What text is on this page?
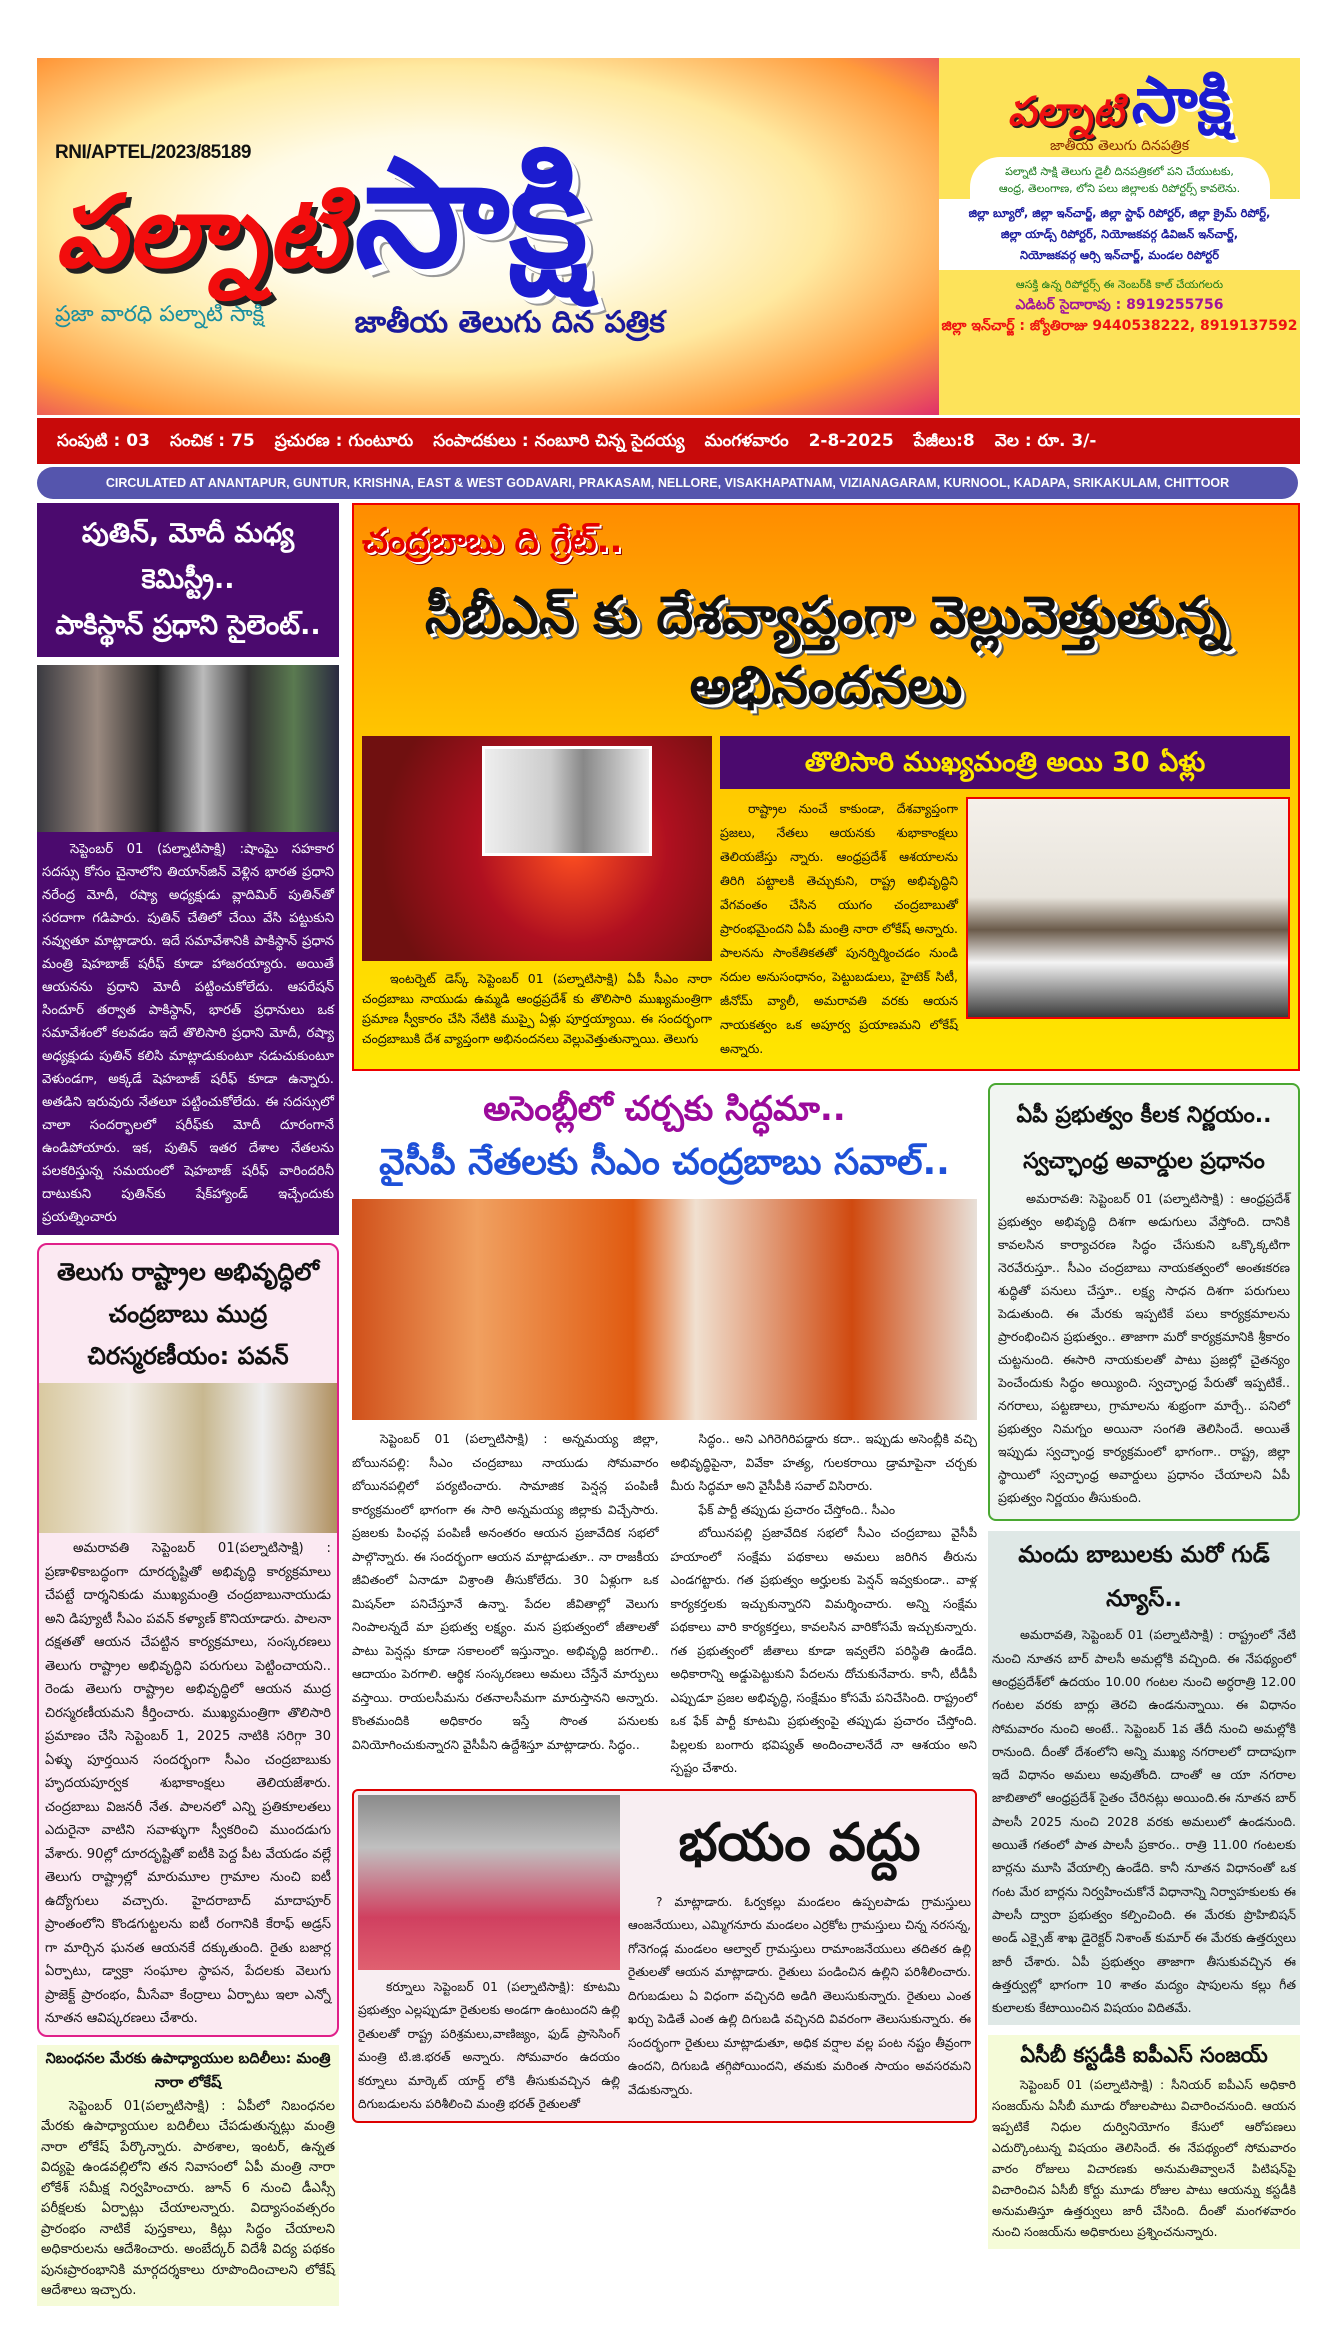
RNI/APTEL/2023/85189
పల్నాటి
ప్రజా వారధి పల్నాటి సాక్షి
సాక్షి
జాతీయ తెలుగు దిన పత్రిక
పల్నాటి సాక్షి
జాతీయ తెలుగు దినపత్రిక
పల్నాటి సాక్షి తెలుగు డైలీ దినపత్రికలో పని చేయుటకు,
ఆంధ్ర, తెలంగాణ, లోని పలు జిల్లాలకు రిపోర్టర్స్ కావలెను.
జిల్లా బ్యూరో, జిల్లా ఇన్‌చార్జ్, జిల్లా స్టాఫ్ రిపోర్టర్, జిల్లా క్రైమ్ రిపోర్ట్,
జిల్లా యాడ్స్ రిపోర్టర్, నియోజకవర్గ డివిజన్ ఇన్‌చార్జ్,
నియోజకవర్గ ఆర్సి ఇన్‌చార్జ్, మండల రిపోర్టర్
ఆసక్తి ఉన్న రిపోర్టర్స్ ఈ నెంబర్‌కి కాల్ చేయగలరు
ఎడిటర్ సైదారావు : 8919255756
జిల్లా ఇన్‌చార్జ్ : జ్యోతిరాజు 9440538222, 8919137592
సంపుటి : 03 సంచిక : 75 ప్రచురణ : గుంటూరు సంపాదకులు : నంబూరి చిన్న సైదయ్య మంగళవారం 2-8-2025 పేజీలు:8 వెల : రూ. 3/-
CIRCULATED AT ANANTAPUR, GUNTUR, KRISHNA, EAST & WEST GODAVARI, PRAKASAM, NELLORE, VISAKHAPATNAM, VIZIANAGARAM, KURNOOL, KADAPA, SRIKAKULAM, CHITTOOR
పుతిన్, మోదీ మధ్య కెమిస్ట్రీ..
పాకిస్థాన్ ప్రధాని సైలెంట్..
సెప్టెంబర్ 01 (పల్నాటిసాక్షి) :షాంఘై సహకార సదస్సు కోసం చైనాలోని తియాన్‌జిన్ వెళ్లిన భారత ప్రధాని నరేంద్ర మోదీ, రష్యా అధ్యక్షుడు వ్లాదిమిర్ పుతిన్‌తో సరదాగా గడిపారు. పుతిన్ చేతిలో చేయి వేసి పట్టుకుని నవ్వుతూ మాట్లాడారు. ఇదే సమావేశానికి పాకిస్థాన్ ప్రధాన మంత్రి షెహబాజ్ షరీఫ్ కూడా హాజరయ్యారు. అయితే ఆయనను ప్రధాని మోదీ పట్టించుకోలేదు. ఆపరేషన్ సిందూర్ తర్వాత పాకిస్థాన్, భారత్ ప్రధానులు ఒక సమావేశంలో కలవడం ఇదే తొలిసారి ప్రధాని మోదీ, రష్యా అధ్యక్షుడు పుతిన్ కలిసి మాట్లాడుకుంటూ నడుచుకుంటూ వెళుండగా, అక్కడే షెహబాజ్ షరీఫ్ కూడా ఉన్నారు. అతడిని ఇరువురు నేతలూ పట్టించుకోలేదు. ఈ సదస్సులో చాలా సందర్భాలలో షరీఫ్‌కు మోదీ దూరంగానే ఉండిపోయారు. ఇక, పుతిన్ ఇతర దేశాల నేతలను పలకరిస్తున్న సమయంలో షెహబాజ్ షరీఫ్ వారిందరినీ దాటుకుని పుతిన్‌కు షేక్‌హ్యాండ్ ఇచ్చేందుకు ప్రయత్నించారు
తెలుగు రాష్ట్రాల అభివృద్ధిలో
చంద్రబాబు ముద్ర చిరస్మరణీయం: పవన్
అమరావతి సెప్టెంబర్ 01(పల్నాటిసాక్షి) : ప్రణాళికాబద్ధంగా దూరదృష్టితో అభివృద్ధి కార్యక్రమాలు చేపట్టే దార్శనికుడు ముఖ్యమంత్రి చంద్రబాబునాయుడు అని డిప్యూటీ సీఎం పవన్ కళ్యాణ్ కొనియాడారు. పాలనా దక్షతతో ఆయన చేపట్టిన కార్యక్రమాలు, సంస్కరణలు తెలుగు రాష్ట్రాల అభివృద్ధిని పరుగులు పెట్టించాయని.. రెండు తెలుగు రాష్ట్రాల అభివృద్ధిలో ఆయన ముద్ర చిరస్మరణీయమని కీర్తించారు. ముఖ్యమంత్రిగా తొలిసారి ప్రమాణం చేసి సెప్టెంబర్ 1, 2025 నాటికి సరిగ్గా 30 ఏళ్ళు పూర్తయిన సందర్భంగా సీఎం చంద్రబాబుకు హృదయపూర్వక శుభాకాంక్షలు తెలియజేశారు. చంద్రబాబు విజనరీ నేత. పాలనలో ఎన్ని ప్రతికూలతలు ఎదురైనా వాటిని సవాళ్ళుగా స్వీకరించి ముందడుగు వేశారు. 90ల్లో దూరదృష్టితో ఐటీకి పెద్ద పీట వేయడం వల్లే తెలుగు రాష్ట్రాల్లో మారుమూల గ్రామాల నుంచి ఐటీ ఉద్యోగులు వచ్చారు. హైదరాబాద్ మాదాపూర్ ప్రాంతంలోని కొండగుట్టలను ఐటీ రంగానికి కేరాఫ్ అడ్రస్ గా మార్చిన ఘనత ఆయనకే దక్కుతుంది. రైతు బజార్ల ఏర్పాటు, డ్వాక్రా సంఘాల స్థాపన, పేదలకు వెలుగు ప్రాజెక్ట్ ప్రారంభం, మీసేవా కేంద్రాలు ఏర్పాటు ఇలా ఎన్నో నూతన ఆవిష్కరణలు చేశారు.
నిబంధనల మేరకు ఉపాధ్యాయుల బదిలీలు: మంత్రి నారా లోకేష్
సెప్టెంబర్ 01(పల్నాటిసాక్షి) : ఏపీలో నిబంధనల మేరకు ఉపాధ్యాయుల బదిలీలు చేపడుతున్నట్లు మంత్రి నారా లోకేష్ పేర్కొన్నారు. పాఠశాల, ఇంటర్, ఉన్నత విద్యపై ఉండవల్లిలోని తన నివాసంలో ఏపీ మంత్రి నారా లోకేశ్ సమీక్ష నిర్వహించారు. జూన్ 6 నుంచి డీఎస్సీ పరీక్షలకు ఏర్పాట్లు చేయాలన్నారు. విద్యాసంవత్సరం ప్రారంభం నాటికే పుస్తకాలు, కిట్లు సిద్ధం చేయాలని అధికారులను ఆదేశించారు. అంబేద్కర్ విదేశీ విద్య పథకం పునఃప్రారంభానికి మార్గదర్శకాలు రూపొందించాలని లోకేష్ ఆదేశాలు ఇచ్చారు.
చంద్రబాబు ది గ్రేట్..
సీబీఎన్ కు దేశవ్యాప్తంగా వెల్లువెత్తుతున్న అభినందనలు
ఇంటర్నెట్ డెస్క్ సెప్టెంబర్ 01 (పల్నాటిసాక్షి) ఏపీ సీఎం నారా చంద్రబాబు నాయుడు ఉమ్మడి ఆంధ్రప్రదేశ్ కు తొలిసారి ముఖ్యమంత్రిగా ప్రమాణ స్వీకారం చేసి నేటికి ముప్పై ఏళ్లు పూర్తయ్యాయి. ఈ సందర్భంగా చంద్రబాబుకి దేశ వ్యాప్తంగా అభినందనలు వెల్లువెత్తుతున్నాయి. తెలుగు
తొలిసారి ముఖ్యమంత్రి అయి 30 ఏళ్లు
రాష్ట్రాల నుంచే కాకుండా, దేశవ్యాప్తంగా ప్రజలు, నేతలు ఆయనకు శుభాకాంక్షలు తెలియజేస్తు న్నారు. ఆంధ్రప్రదేశ్ ఆశయాలను తిరిగి పట్టాలకి తెచ్చుకుని, రాష్ట్ర అభివృద్ధిని వేగవంతం చేసిన యుగం చంద్రబాబుతో ప్రారంభమైందని ఏపీ మంత్రి నారా లోకేష్ అన్నారు. పాలనను సాంకేతికతతో పునర్నిర్మించడం నుండి నదుల అనుసంధానం, పెట్టుబడులు, హైటెక్ సిటీ, జీనోమ్ వ్యాలీ, అమరావతి వరకు ఆయన నాయకత్వం ఒక అపూర్వ ప్రయాణమని లోకేష్ అన్నారు.
అసెంబ్లీలో చర్చకు సిద్ధమా..
వైసీపీ నేతలకు సీఎం చంద్రబాబు సవాల్..
సెప్టెంబర్ 01 (పల్నాటిసాక్షి) : అన్నమయ్య జిల్లా, బోయినపల్లి: సీఎం చంద్రబాబు నాయుడు సోమవారం బోయినపల్లిలో పర్యటించారు. సామాజిక పెన్షన్ల పంపిణీ కార్యక్రమంలో భాగంగా ఈ సారి అన్నమయ్య జిల్లాకు విచ్చేసారు. ప్రజలకు పింఛన్ల పంపిణీ అనంతరం ఆయన ప్రజావేదిక సభలో పాల్గొన్నారు. ఈ సందర్భంగా ఆయన మాట్లాడుతూ.. నా రాజకీయ జీవితంలో ఏనాడూ విశ్రాంతి తీసుకోలేదు. 30 ఏళ్లుగా ఒక మిషన్‌లా పనిచేస్తూనే ఉన్నా. పేదల జీవితాల్లో వెలుగు నింపాలన్నదే మా ప్రభుత్వ లక్ష్యం. మన ప్రభుత్వంలో జీతాలతో పాటు పెన్షన్లు కూడా సకాలంలో ఇస్తున్నాం. అభివృద్ధి జరగాలి.. ఆదాయం పెరగాలి. ఆర్థిక సంస్కరణలు అమలు చేస్తేనే మార్పులు వస్తాయి. రాయలసీమను రతనాలసీమగా మారుస్తానని అన్నారు. కొంతమందికి అధికారం ఇస్తే సొంత పనులకు వినియోగించుకున్నారని వైసీపీని ఉద్దేశిస్తూ మాట్లాడారు. సిద్ధం..

సిద్ధం.. అని ఎగిరెగిరిపడ్డారు కదా.. ఇప్పుడు అసెంబ్లీకి వచ్చి అభివృద్ధిపైనా, వివేకా హత్య, గులకరాయి డ్రామాపైనా చర్చకు మీరు సిద్ధమా అని వైసీపీకి సవాల్ విసిరారు.

ఫేక్ పార్టీ తప్పుడు ప్రచారం చేస్తోంది.. సీఎం

బోయినపల్లి ప్రజావేదిక సభలో సీఎం చంద్రబాబు వైసీపీ హయాంలో సంక్షేమ పథకాలు అమలు జరిగిన తీరును ఎండగట్టారు. గత ప్రభుత్వం అర్హులకు పెన్షన్ ఇవ్వకుండా.. వాళ్ల కార్యకర్తలకు ఇచ్చుకున్నారని విమర్శించారు. అన్ని సంక్షేమ పథకాలు వారి కార్యకర్తలు, కావలసిన వారికోసమే ఇచ్చుకున్నారు. గత ప్రభుత్వంలో జీతాలు కూడా ఇవ్వలేని పరిస్థితి ఉండేది. అధికారాన్ని అడ్డుపెట్టుకుని పేదలను దోచుకునేవారు. కానీ, టీడీపీ ఎప్పుడూ ప్రజల అభివృద్ధి, సంక్షేమం కోసమే పనిచేసింది. రాష్ట్రంలో ఒక ఫేక్ పార్టీ కూటమి ప్రభుత్వంపై తప్పుడు ప్రచారం చేస్తోంది. పిల్లలకు బంగారు భవిష్యత్ అందించాలనేదే నా ఆశయం అని స్పష్టం చేశారు.

కర్నూలు సెప్టెంబర్ 01 (పల్నాటిసాక్షి): కూటమి ప్రభుత్వం ఎల్లప్పుడూ రైతులకు అండగా ఉంటుందని ఉల్లి రైతులతో రాష్ట్ర పరిశ్రమలు,వాణిజ్యం, ఫుడ్ ప్రాసెసింగ్ మంత్రి టి.జి.భరత్ అన్నారు. సోమవారం ఉదయం కర్నూలు మార్కెట్ యార్డ్ లోకి తీసుకువచ్చిన ఉల్లి దిగుబడులను పరిశీలించి మంత్రి భరత్ రైతులతో
భయం వద్దు
? మాట్లాడారు. ఓర్వకల్లు మండలం ఉప్పలపాడు గ్రామస్తులు ఆంజనేయులు, ఎమ్మిగనూరు మండలం ఎర్రకోట గ్రామస్తులు చిన్న నరసన్న, గోనెగండ్ల మండలం ఆల్వాల్ గ్రామస్తులు రామాంజనేయులు తదితర ఉల్లి రైతులతో ఆయన మాట్లాడారు. రైతులు పండించిన ఉల్లిని పరిశీలించారు. దిగుబడులు ఏ విధంగా వచ్చినది అడిగి తెలుసుకున్నారు. రైతులు ఎంత ఖర్చు పెడితే ఎంత ఉల్లి దిగుబడి వచ్చినది వివరంగా తెలుసుకున్నారు. ఈ సందర్భంగా రైతులు మాట్లాడుతూ, అధిక వర్షాల వల్ల పంట నష్టం తీవ్రంగా ఉందని, దిగుబడి తగ్గిపోయిందని, తమకు మరింత సాయం అవసరమని వేడుకున్నారు.
ఏపీ ప్రభుత్వం కీలక నిర్ణయం..
స్వచ్ఛాంధ్ర అవార్డుల ప్రధానం
అమరావతి: సెప్టెంబర్ 01 (పల్నాటిసాక్షి) : ఆంధ్రప్రదేశ్ ప్రభుత్వం అభివృద్ధి దిశగా అడుగులు వేస్తోంది. దానికి కావలసిన కార్యాచరణ సిద్ధం చేసుకుని ఒక్కొక్కటిగా నెరవేరుస్తూ.. సీఎం చంద్రబాబు నాయకత్వంలో అంతఃకరణ శుద్ధితో పనులు చేస్తూ.. లక్ష్య సాధన దిశగా పరుగులు పెడుతుంది. ఈ మేరకు ఇప్పటికే పలు కార్యక్రమాలను ప్రారంభించిన ప్రభుత్వం.. తాజాగా మరో కార్యక్రమానికి శ్రీకారం చుట్టనుంది. ఈసారి నాయకులతో పాటు ప్రజల్లో చైతన్యం పెంచేందుకు సిద్ధం అయ్యింది. స్వచ్ఛాంధ్ర పేరుతో ఇప్పటికే.. నగరాలు, పట్టణాలు, గ్రామాలను శుభ్రంగా మార్చే.. పనిలో ప్రభుత్వం నిమగ్నం అయినా సంగతి తెలిసిందే. అయితే ఇప్పుడు స్వచ్ఛాంధ్ర కార్యక్రమంలో భాగంగా.. రాష్ట్ర, జిల్లా స్థాయిలో స్వచ్ఛాంధ్ర అవార్డులు ప్రధానం చేయాలని ఏపీ ప్రభుత్వం నిర్ణయం తీసుకుంది.
మందు బాబులకు మరో గుడ్ న్యూస్..
అమరావతి, సెప్టెంబర్ 01 (పల్నాటిసాక్షి) : రాష్ట్రంలో నేటి నుంచి నూతన బార్ పాలసీ అమల్లోకి వచ్చింది. ఈ నేపథ్యంలో ఆంధ్రప్రదేశ్‌లో ఉదయం 10.00 గంటల నుంచి అర్ధరాత్రి 12.00 గంటల వరకు బార్లు తెరచి ఉండనున్నాయి. ఈ విధానం సోమవారం నుంచి అంటే.. సెప్టెంబర్ 1వ తేదీ నుంచి అమల్లోకి రానుంది. దీంతో దేశంలోని అన్ని ముఖ్య నగరాలలో దాదాపుగా ఇదే విధానం అమలు అవుతోంది. దాంతో ఆ యా నగరాల జాబితాలో ఆంధ్రప్రదేశ్ సైతం చేరినట్లు అయింది.ఈ నూతన బార్ పాలసీ 2025 నుంచి 2028 వరకు అమలులో ఉండనుంది. అయితే గతంలో పాత పాలసీ ప్రకారం.. రాత్రి 11.00 గంటలకు బార్లను మూసి వేయాల్సి ఉండేది. కానీ నూతన విధానంతో ఒక గంట మేర బార్లను నిర్వహించుకోనే విధానాన్ని నిర్వాహకులకు ఈ పాలసీ ద్వారా ప్రభుత్వం కల్పించింది. ఈ మేరకు ప్రొహిబిషన్ అండ్ ఎక్సైజ్ శాఖ డైరెక్టర్ నిశాంత్ కుమార్ ఈ మేరకు ఉత్తర్వులు జారీ చేశారు. ఏపీ ప్రభుత్వం తాజాగా తీసుకువచ్చిన ఈ ఉత్తర్వుల్లో భాగంగా 10 శాతం మద్యం షాపులను కల్లు గీత కులాలకు కేటాయించిన విషయం విదితమే.
ఏసీబీ కస్టడీకి ఐపీఎస్ సంజయ్
సెప్టెంబర్ 01 (పల్నాటిసాక్షి) : సీనియర్ ఐపీఎస్ అధికారి సంజయ్‌ను ఏసీబీ మూడు రోజులపాటు విచారించనుంది. ఆయన ఇప్పటికే నిధుల దుర్వినియోగం కేసులో ఆరోపణలు ఎదుర్కొంటున్న విషయం తెలిసిందే. ఈ నేపథ్యంలో సోమవారం వారం రోజులు విచారణకు అనుమతివ్వాలనే పిటిషన్‌పై విచారించిన ఏసీబీ కోర్టు మూడు రోజుల పాటు ఆయన్ను కస్టడీకి అనుమతిస్తూ ఉత్తర్వులు జారీ చేసింది. దీంతో మంగళవారం నుంచి సంజయ్‌ను అధికారులు ప్రశ్నించనున్నారు.
